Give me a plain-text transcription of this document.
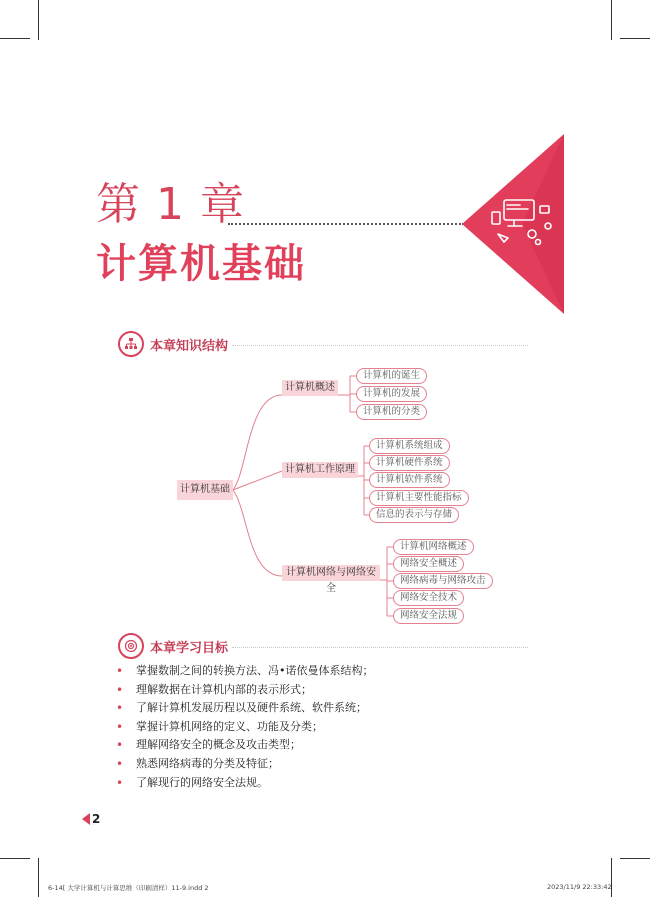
第 1 章
计算机基础
本章知识结构
计算机基础
计算机概述
计算机工作原理
计算机网络与网络安全
计算机的诞生
计算机的发展
计算机的分类
计算机系统组成
计算机硬件系统
计算机软件系统
计算机主要性能指标
信息的表示与存储
计算机网络概述
网络安全概述
网络病毒与网络攻击
网络安全技术
网络安全法规
本章学习目标
• 掌握数制之间的转换方法、冯•诺依曼体系结构；
• 理解数据在计算机内部的表示形式；
• 了解计算机发展历程以及硬件系统、软件系统；
• 掌握计算机网络的定义、功能及分类；
• 理解网络安全的概念及攻击类型；
• 熟悉网络病毒的分类及特征；
• 了解现行的网络安全法规。
2
6-14[ 大学计算机与计算思维（印刷清样）11-9.indd 2	2023/11/9 22:33:42
